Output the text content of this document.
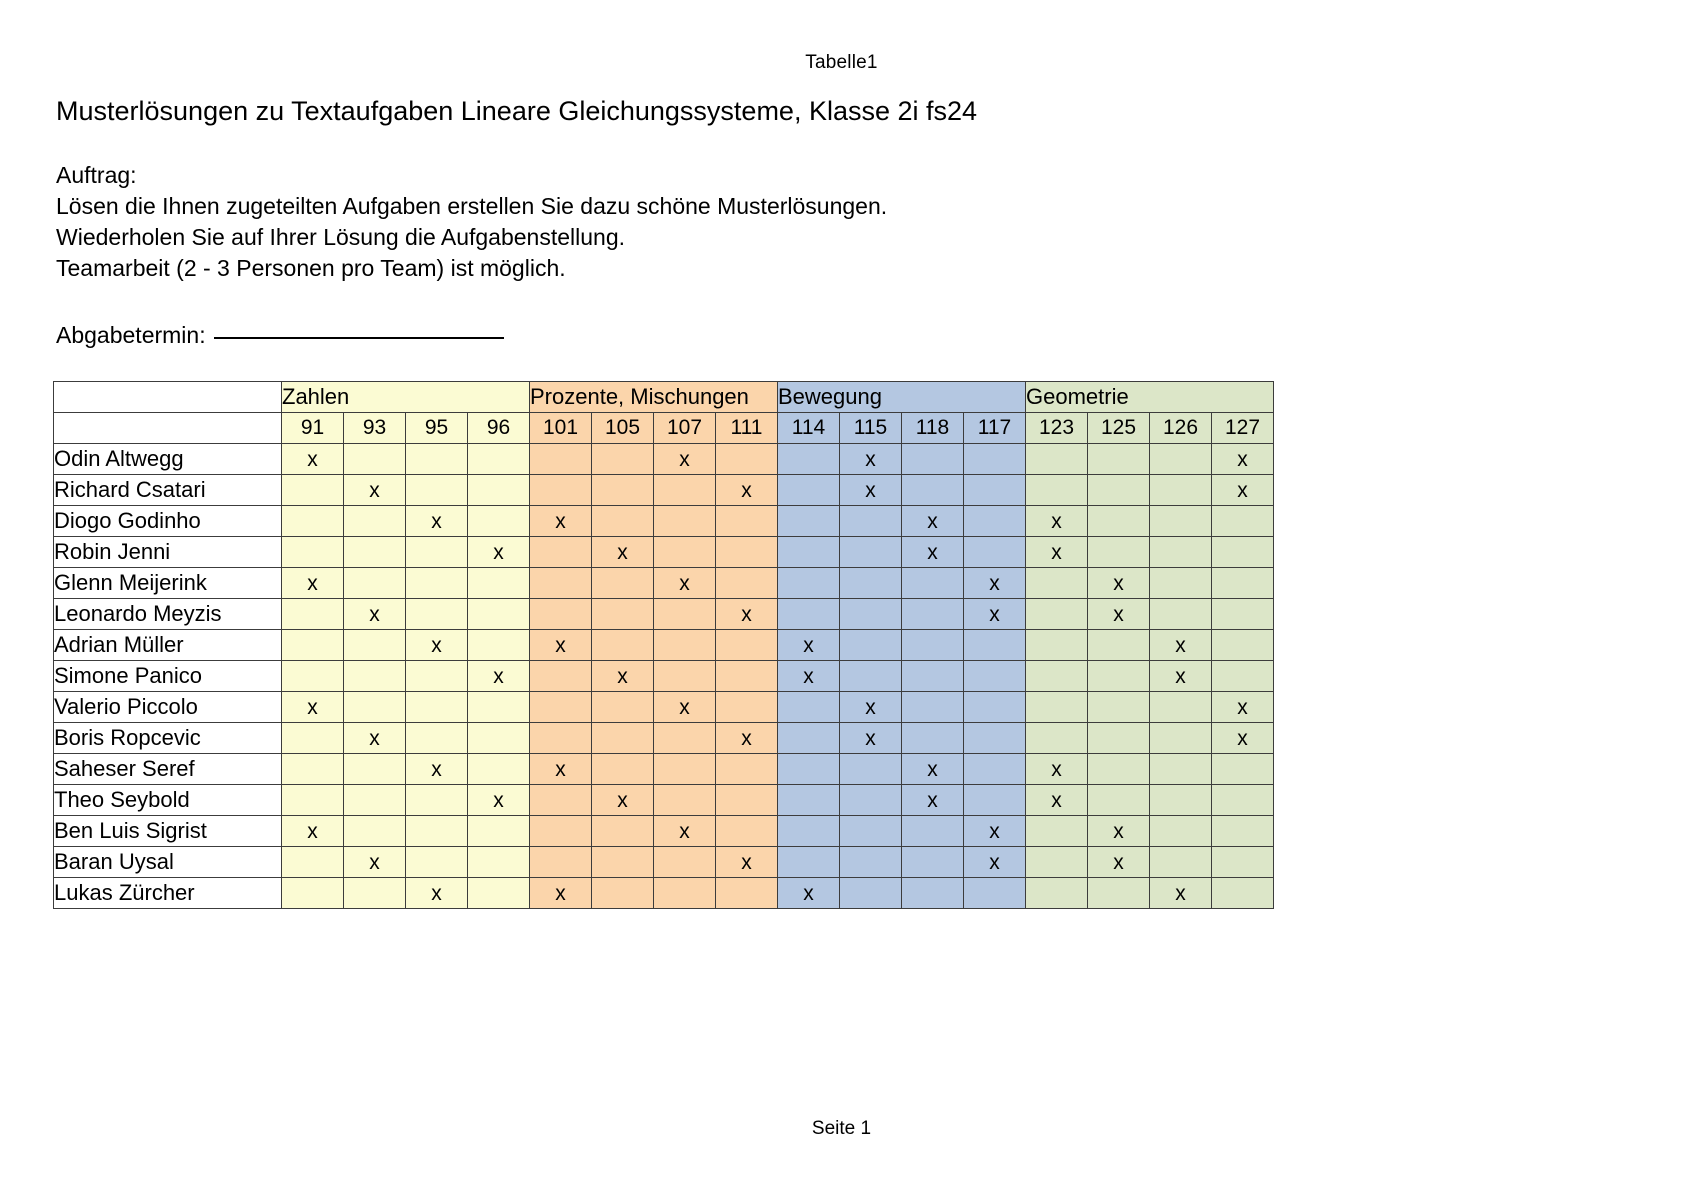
Tabelle1
Musterlösungen zu Textaufgaben Lineare Gleichungssysteme, Klasse 2i fs24
Auftrag:
Lösen die Ihnen zugeteilten Aufgaben erstellen Sie dazu schöne Musterlösungen.
Wiederholen Sie auf Ihrer Lösung die Aufgabenstellung.
Teamarbeit (2 - 3 Personen pro Team) ist möglich.
Abgabetermin:
	Zahlen				Prozente, Mischungen				Bewegung				Geometrie			
	91	93	95	96	101	105	107	111	114	115	118	117	123	125	126	127
Odin Altwegg	x						x			x						x
Richard Csatari		x						x		x						x
Diogo Godinho			x		x						x		x			
Robin Jenni				x		x					x		x			
Glenn Meijerink	x						x					x		x		
Leonardo Meyzis		x						x				x		x		
Adrian Müller			x		x				x						x	
Simone Panico				x		x			x						x	
Valerio Piccolo	x						x			x						x
Boris Ropcevic		x						x		x						x
Saheser Seref			x		x						x		x			
Theo Seybold				x		x					x		x			
Ben Luis Sigrist	x						x					x		x		
Baran Uysal		x						x				x		x		
Lukas Zürcher			x		x				x						x	
Seite 1
